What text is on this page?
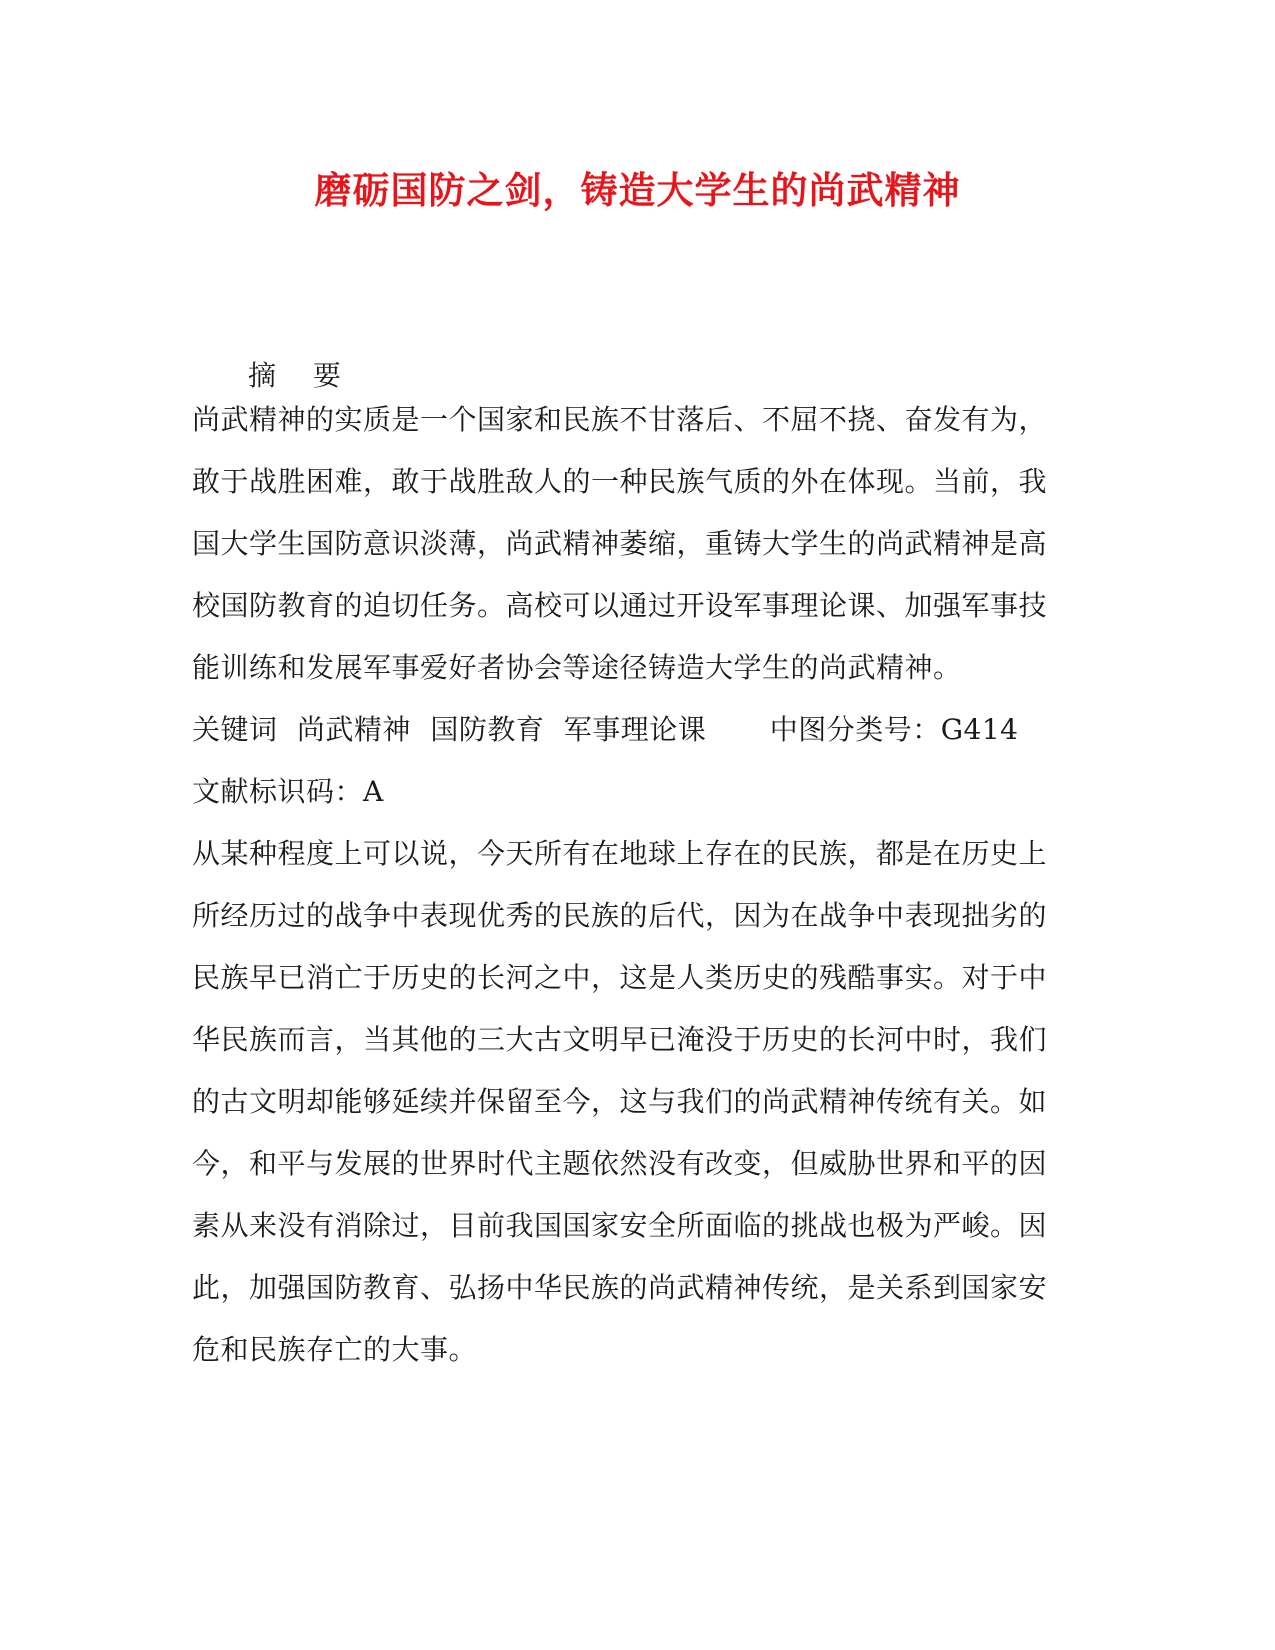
磨砺国防之剑，铸造大学生的尚武精神
摘 要
尚武精神的实质是一个国家和民族不甘落后、不屈不挠、奋发有为，
敢于战胜困难，敢于战胜敌人的一种民族气质的外在体现。当前，我
国大学生国防意识淡薄，尚武精神萎缩，重铸大学生的尚武精神是高
校国防教育的迫切任务。高校可以通过开设军事理论课、加强军事技
能训练和发展军事爱好者协会等途径铸造大学生的尚武精神。
关键词 尚武精神 国防教育 军事理论课 中图分类号：G414
文献标识码：A
从某种程度上可以说，今天所有在地球上存在的民族，都是在历史上
所经历过的战争中表现优秀的民族的后代，因为在战争中表现拙劣的
民族早已消亡于历史的长河之中，这是人类历史的残酷事实。对于中
华民族而言，当其他的三大古文明早已淹没于历史的长河中时，我们
的古文明却能够延续并保留至今，这与我们的尚武精神传统有关。如
今，和平与发展的世界时代主题依然没有改变，但威胁世界和平的因
素从来没有消除过，目前我国国家安全所面临的挑战也极为严峻。因
此，加强国防教育、弘扬中华民族的尚武精神传统，是关系到国家安
危和民族存亡的大事。
